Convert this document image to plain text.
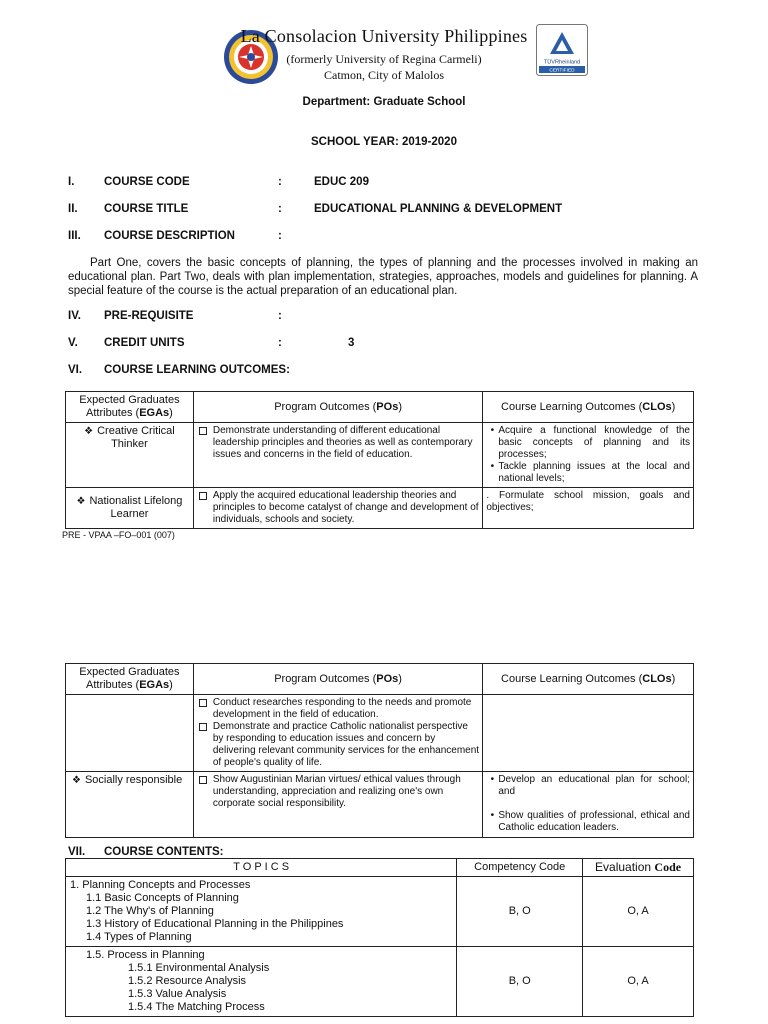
La Consolacion University Philippines
(formerly University of Regina Carmeli)
Catmon, City of Malolos
TÜVRheinland
CERTIFIED
Department: Graduate School
SCHOOL YEAR: 2019-2020
I.	COURSE CODE	:	EDUC 209
II. COURSE TITLE	:	EDUCATIONAL PLANNING & DEVELOPMENT
III. COURSE DESCRIPTION	:

Part One, covers the basic concepts of planning, the types of planning and the processes involved in making an educational plan. Part Two, deals with plan implementation, strategies, approaches, models and guidelines for planning. A special feature of the course is the actual preparation of an educational plan.

IV. PRE-REQUISITE	:
V. CREDIT UNITS	:	3
VI. COURSE LEARNING OUTCOMES:
Expected Graduates
Attributes (EGAs)	Program Outcomes (POs)	Course Learning Outcomes (CLOs)
❖ Creative Critical Thinker	Demonstrate understanding of different educational leadership principles and theories as well as contemporary issues and concerns in the field of education.	• Acquire a functional knowledge of the basic concepts of planning and its processes;
• Tackle planning issues at the local and national levels;

❖ Nationalist Lifelong Learner	Apply the acquired educational leadership theories and principles to become catalyst of change and development of individuals, schools and society.	. Formulate school mission, goals and objectives;
PRE - VPAA –FO–001 (007)
Expected Graduates
Attributes (EGAs)	Program Outcomes (POs)	Course Learning Outcomes (CLOs)

	Conduct researches responding to the needs and promote development in the field of education.
Demonstrate and practice Catholic nationalist perspective by responding to education issues and concern by delivering relevant community services for the enhancement of people's quality of life.	

❖ Socially responsible	Show Augustinian Marian virtues/ ethical values through understanding, appreciation and realizing one's own corporate social responsibility.	• Develop an educational plan for school; and
• Show qualities of professional, ethical and Catholic education leaders.
VII. COURSE CONTENTS:
T O P I C S	Competency Code	Evaluation Code

1. Planning Concepts and Processes
1.1 Basic Concepts of Planning
1.2 The Why's of Planning
1.3 History of Educational Planning in the Philippines
1.4 Types of Planning	B, O	O, A

1.5. Process in Planning
1.5.1 Environmental Analysis
1.5.2 Resource Analysis
1.5.3 Value Analysis
1.5.4 The Matching Process	B, O	O, A
